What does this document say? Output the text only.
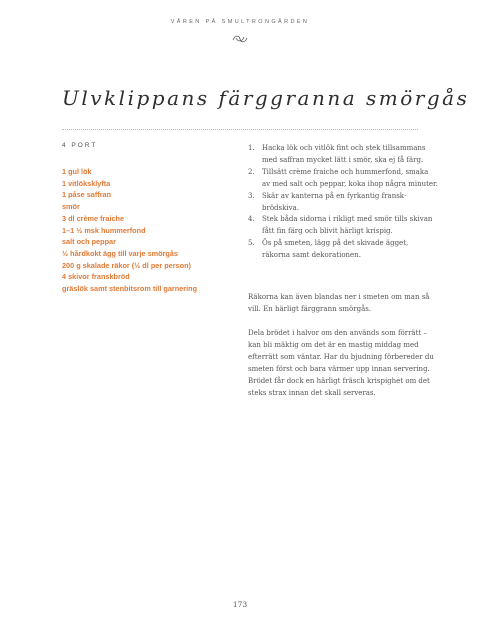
VÅREN PÅ SMULTRONGÅRDEN
Ulvklippans färggranna smörgås
4 PORT
1 gul lök
1 vitlöksklyfta
1 påse saffran
smör
3 dl crème fraiche
1–1 ½ msk hummerfond
salt och peppar
½ hårdkokt ägg till varje smörgås
200 g skalade räkor (½ dl per person)
4 skivor franskbröd
gräslök samt stenbitsrom till garnering
1. Hacka lök och vitlök fint och stek tillsammans med saffran mycket lätt i smör, ska ej få färg.
2. Tillsätt crème fraiche och hummerfond, smaka av med salt och peppar, koka ihop några minuter.
3. Skär av kanterna på en fyrkantig franskbrödskiva.
4. Stek båda sidorna i rikligt med smör tills skivan fått fin färg och blivit härligt krispig.
5. Ös på smeten, lägg på det skivade ägget, räkorna samt dekorationen.

Räkorna kan även blandas ner i smeten om man så vill. En härligt färggrann smörgås.

Dela brödet i halvor om den används som förrätt – kan bli mäktig om det är en mastig middag med efterrätt som väntar. Har du bjudning förbereder du smeten först och bara värmer upp innan servering. Brödet får dock en härligt fräsch krispighet om det steks strax innan det skall serveras.

173
